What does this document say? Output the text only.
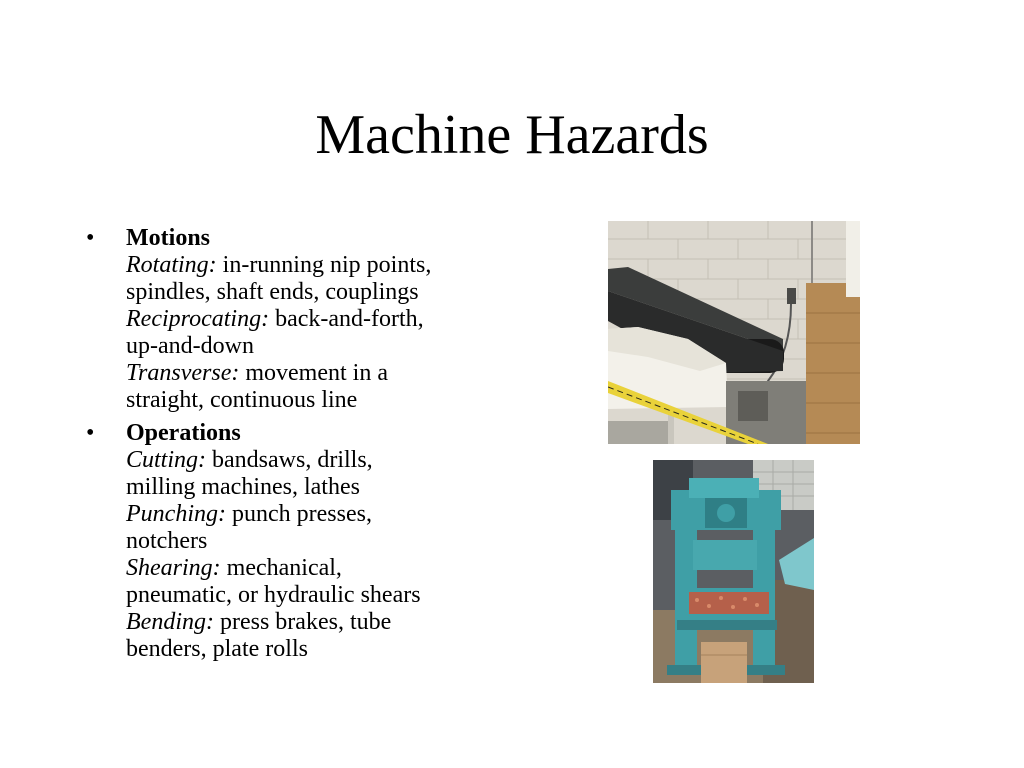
Machine Hazards
•	Motions
Rotating: in-running nip points,
spindles, shaft ends, couplings
Reciprocating: back-and-forth,
up-and-down
Transverse: movement in a
straight, continuous line
•	Operations
Cutting: bandsaws, drills,
milling machines, lathes
Punching: punch presses,
notchers
Shearing: mechanical,
pneumatic, or hydraulic shears
Bending: press brakes, tube
benders, plate rolls
